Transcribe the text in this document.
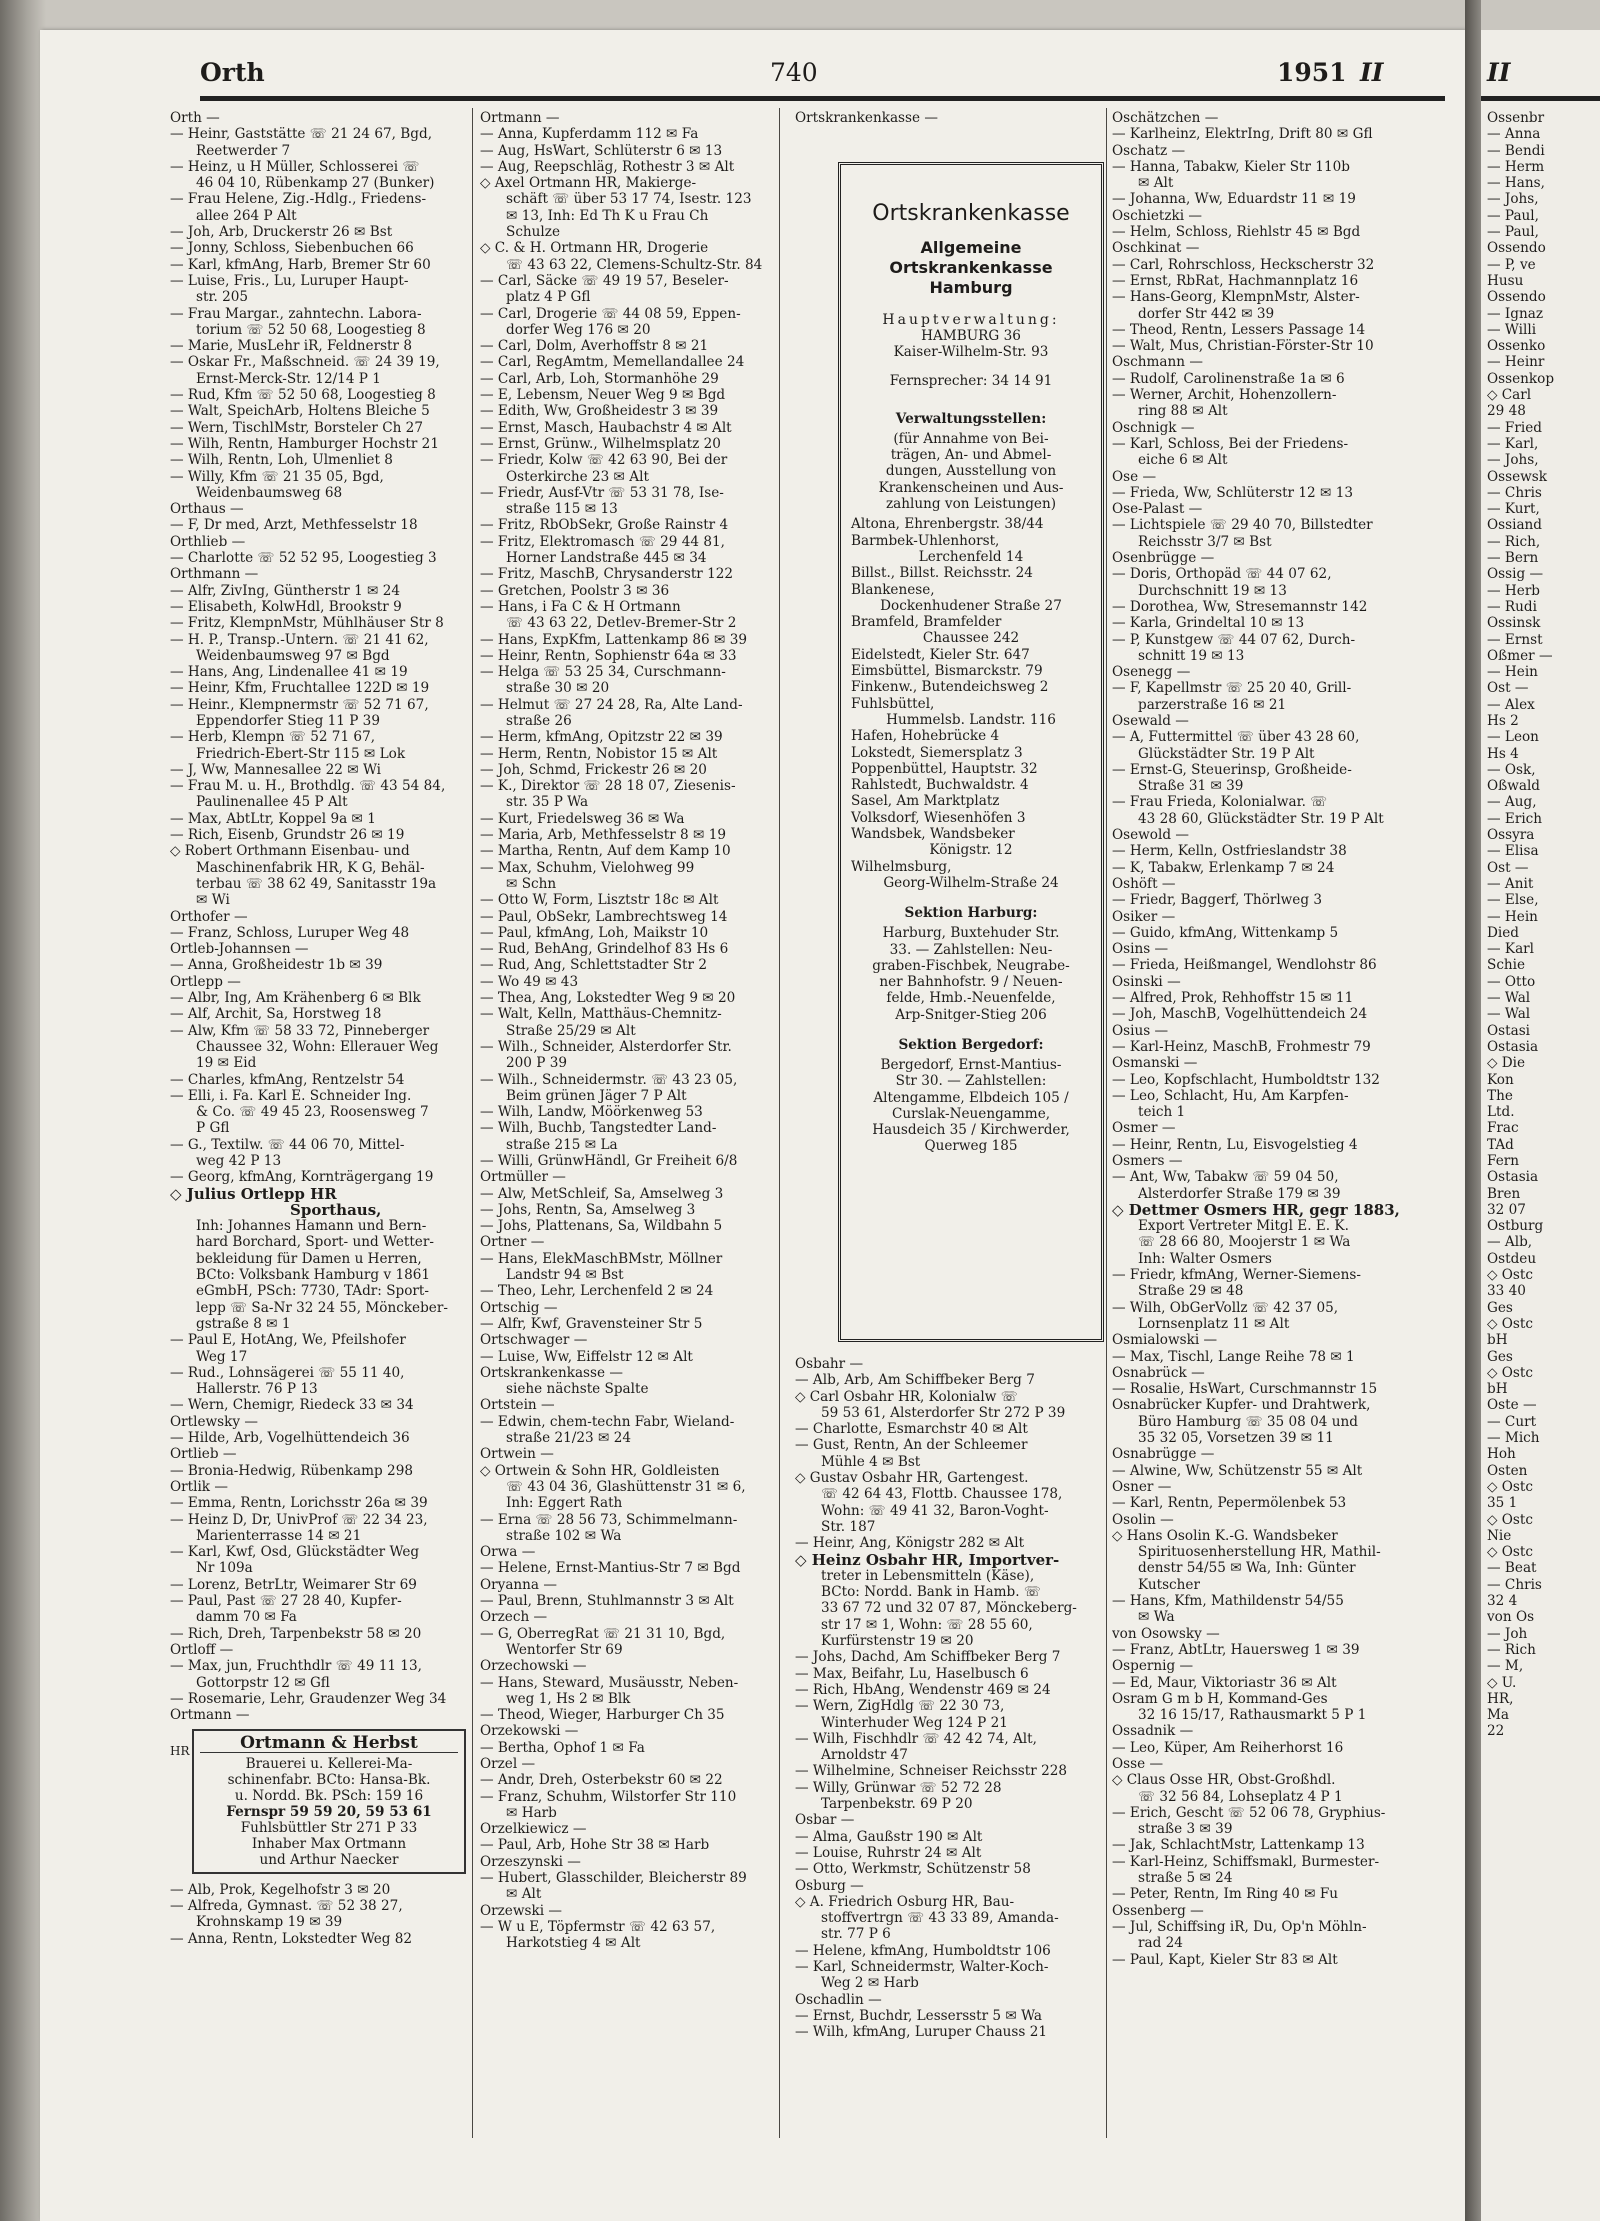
Orth	740	1951 II
Orth —
— Heinr, Gaststätte ☏ 21 24 67, Bgd,
Reetwerder 7
— Heinz, u H Müller, Schlosserei ☏
46 04 10, Rübenkamp 27 (Bunker)
— Frau Helene, Zig.-Hdlg., Friedens-
allee 264 P Alt
— Joh, Arb, Druckerstr 26 ✉ Bst
— Jonny, Schloss, Siebenbuchen 66
— Karl, kfmAng, Harb, Bremer Str 60
— Luise, Fris., Lu, Luruper Haupt-
str. 205
— Frau Margar., zahntechn. Labora-
torium ☏ 52 50 68, Loogestieg 8
— Marie, MusLehr iR, Feldnerstr 8
— Oskar Fr., Maßschneid. ☏ 24 39 19,
Ernst-Merck-Str. 12/14 P 1
— Rud, Kfm ☏ 52 50 68, Loogestieg 8
— Walt, SpeichArb, Holtens Bleiche 5
— Wern, TischlMstr, Borsteler Ch 27
— Wilh, Rentn, Hamburger Hochstr 21
— Wilh, Rentn, Loh, Ulmenliet 8
— Willy, Kfm ☏ 21 35 05, Bgd,
Weidenbaumsweg 68
Orthaus —
— F, Dr med, Arzt, Methfesselstr 18
Orthlieb —
— Charlotte ☏ 52 52 95, Loogestieg 3
Orthmann —
— Alfr, ZivIng, Güntherstr 1 ✉ 24
— Elisabeth, KolwHdl, Brookstr 9
— Fritz, KlempnMstr, Mühlhäuser Str 8
— H. P., Transp.-Untern. ☏ 21 41 62,
Weidenbaumsweg 97 ✉ Bgd
— Hans, Ang, Lindenallee 41 ✉ 19
— Heinr, Kfm, Fruchtallee 122D ✉ 19
— Heinr., Klempnermstr ☏ 52 71 67,
Eppendorfer Stieg 11 P 39
— Herb, Klempn ☏ 52 71 67,
Friedrich-Ebert-Str 115 ✉ Lok
— J, Ww, Mannesallee 22 ✉ Wi
— Frau M. u. H., Brothdlg. ☏ 43 54 84,
Paulinenallee 45 P Alt
— Max, AbtLtr, Koppel 9a ✉ 1
— Rich, Eisenb, Grundstr 26 ✉ 19
◇ Robert Orthmann Eisenbau- und
Maschinenfabrik HR, K G, Behäl-
terbau ☏ 38 62 49, Sanitasstr 19a
✉ Wi
Orthofer —
— Franz, Schloss, Luruper Weg 48
Ortleb-Johannsen —
— Anna, Großheidestr 1b ✉ 39
Ortlepp —
— Albr, Ing, Am Krähenberg 6 ✉ Blk
— Alf, Archit, Sa, Horstweg 18
— Alw, Kfm ☏ 58 33 72, Pinneberger
Chaussee 32, Wohn: Ellerauer Weg
19 ✉ Eid
— Charles, kfmAng, Rentzelstr 54
— Elli, i. Fa. Karl E. Schneider Ing.
& Co. ☏ 49 45 23, Roosensweg 7
P Gfl
— G., Textilw. ☏ 44 06 70, Mittel-
weg 42 P 13
— Georg, kfmAng, Kornträgergang 19
◇ Julius Ortlepp HR
Sporthaus,
Inh: Johannes Hamann und Bern-
hard Borchard, Sport- und Wetter-
bekleidung für Damen u Herren,
BCto: Volksbank Hamburg v 1861
eGmbH, PSch: 7730, TAdr: Sport-
lepp ☏ Sa-Nr 32 24 55, Mönckeber-
gstraße 8 ✉ 1
— Paul E, HotAng, We, Pfeilshofer
Weg 17
— Rud., Lohnsägerei ☏ 55 11 40,
Hallerstr. 76 P 13
— Wern, Chemigr, Riedeck 33 ✉ 34
Ortlewsky —
— Hilde, Arb, Vogelhüttendeich 36
Ortlieb —
— Bronia-Hedwig, Rübenkamp 298
Ortlik —
— Emma, Rentn, Lorichsstr 26a ✉ 39
— Heinz D, Dr, UnivProf ☏ 22 34 23,
Marienterrasse 14 ✉ 21
— Karl, Kwf, Osd, Glückstädter Weg
Nr 109a
— Lorenz, BetrLtr, Weimarer Str 69
— Paul, Past ☏ 27 28 40, Kupfer-
damm 70 ✉ Fa
— Rich, Dreh, Tarpenbekstr 58 ✉ 20
Ortloff —
— Max, jun, Fruchthdlr ☏ 49 11 13,
Gottorpstr 12 ✉ Gfl
— Rosemarie, Lehr, Graudenzer Weg 34
Ortmann —
HR	Ortmann & Herbst
Brauerei u. Kellerei-Ma-
schinenfabr. BCto: Hansa-Bk.
u. Nordd. Bk. PSch: 159 16
Fernspr 59 59 20, 59 53 61
Fuhlsbüttler Str 271 P 33
Inhaber Max Ortmann
und Arthur Naecker
— Alb, Prok, Kegelhofstr 3 ✉ 20
— Alfreda, Gymnast. ☏ 52 38 27,
Krohnskamp 19 ✉ 39
— Anna, Rentn, Lokstedter Weg 82
Ortmann —
— Anna, Kupferdamm 112 ✉ Fa
— Aug, HsWart, Schlüterstr 6 ✉ 13
— Aug, Reepschläg, Rothestr 3 ✉ Alt
◇ Axel Ortmann HR, Makierge-
schäft ☏ über 53 17 74, Isestr. 123
✉ 13, Inh: Ed Th K u Frau Ch
Schulze
◇ C. & H. Ortmann HR, Drogerie
☏ 43 63 22, Clemens-Schultz-Str. 84
— Carl, Säcke ☏ 49 19 57, Beseler-
platz 4 P Gfl
— Carl, Drogerie ☏ 44 08 59, Eppen-
dorfer Weg 176 ✉ 20
— Carl, Dolm, Averhoffstr 8 ✉ 21
— Carl, RegAmtm, Memellandallee 24
— Carl, Arb, Loh, Stormanhöhe 29
— E, Lebensm, Neuer Weg 9 ✉ Bgd
— Edith, Ww, Großheidestr 3 ✉ 39
— Ernst, Masch, Haubachstr 4 ✉ Alt
— Ernst, Grünw., Wilhelmsplatz 20
— Friedr, Kolw ☏ 42 63 90, Bei der
Osterkirche 23 ✉ Alt
— Friedr, Ausf-Vtr ☏ 53 31 78, Ise-
straße 115 ✉ 13
— Fritz, RbObSekr, Große Rainstr 4
— Fritz, Elektromasch ☏ 29 44 81,
Horner Landstraße 445 ✉ 34
— Fritz, MaschB, Chrysanderstr 122
— Gretchen, Poolstr 3 ✉ 36
— Hans, i Fa C & H Ortmann
☏ 43 63 22, Detlev-Bremer-Str 2
— Hans, ExpKfm, Lattenkamp 86 ✉ 39
— Heinr, Rentn, Sophienstr 64a ✉ 33
— Helga ☏ 53 25 34, Curschmann-
straße 30 ✉ 20
— Helmut ☏ 27 24 28, Ra, Alte Land-
straße 26
— Herm, kfmAng, Opitzstr 22 ✉ 39
— Herm, Rentn, Nobistor 15 ✉ Alt
— Joh, Schmd, Frickestr 26 ✉ 20
— K., Direktor ☏ 28 18 07, Ziesenis-
str. 35 P Wa
— Kurt, Friedelsweg 36 ✉ Wa
— Maria, Arb, Methfesselstr 8 ✉ 19
— Martha, Rentn, Auf dem Kamp 10
— Max, Schuhm, Vielohweg 99
✉ Schn
— Otto W, Form, Lisztstr 18c ✉ Alt
— Paul, ObSekr, Lambrechtsweg 14
— Paul, kfmAng, Loh, Maikstr 10
— Rud, BehAng, Grindelhof 83 Hs 6
— Rud, Ang, Schlettstadter Str 2
— Wo 49 ✉ 43
— Thea, Ang, Lokstedter Weg 9 ✉ 20
— Walt, Kelln, Matthäus-Chemnitz-
Straße 25/29 ✉ Alt
— Wilh., Schneider, Alsterdorfer Str.
200 P 39
— Wilh., Schneidermstr. ☏ 43 23 05,
Beim grünen Jäger 7 P Alt
— Wilh, Landw, Möörkenweg 53
— Wilh, Buchb, Tangstedter Land-
straße 215 ✉ La
— Willi, GrünwHändl, Gr Freiheit 6/8
Ortmüller —
— Alw, MetSchleif, Sa, Amselweg 3
— Johs, Rentn, Sa, Amselweg 3
— Johs, Plattenans, Sa, Wildbahn 5
Ortner —
— Hans, ElekMaschBMstr, Möllner
Landstr 94 ✉ Bst
— Theo, Lehr, Lerchenfeld 2 ✉ 24
Ortschig —
— Alfr, Kwf, Gravensteiner Str 5
Ortschwager —
— Luise, Ww, Eiffelstr 12 ✉ Alt
Ortskrankenkasse —
siehe nächste Spalte
Ortstein —
— Edwin, chem-techn Fabr, Wieland-
straße 21/23 ✉ 24
Ortwein —
◇ Ortwein & Sohn HR, Goldleisten
☏ 43 04 36, Glashüttenstr 31 ✉ 6,
Inh: Eggert Rath
— Erna ☏ 28 56 73, Schimmelmann-
straße 102 ✉ Wa
Orwa —
— Helene, Ernst-Mantius-Str 7 ✉ Bgd
Oryanna —
— Paul, Brenn, Stuhlmannstr 3 ✉ Alt
Orzech —
— G, OberregRat ☏ 21 31 10, Bgd,
Wentorfer Str 69
Orzechowski —
— Hans, Steward, Musäusstr, Neben-
weg 1, Hs 2 ✉ Blk
— Theod, Wieger, Harburger Ch 35
Orzekowski —
— Bertha, Ophof 1 ✉ Fa
Orzel —
— Andr, Dreh, Osterbekstr 60 ✉ 22
— Franz, Schuhm, Wilstorfer Str 110
✉ Harb
Orzelkiewicz —
— Paul, Arb, Hohe Str 38 ✉ Harb
Orzeszynski —
— Hubert, Glasschilder, Bleicherstr 89
✉ Alt
Orzewski —
— W u E, Töpfermstr ☏ 42 63 57,
Harkotstieg 4 ✉ Alt
Ortskrankenkasse —
Ortskrankenkasse
Allgemeine
Ortskrankenkasse
Hamburg
Hauptverwaltung:
HAMBURG 36
Kaiser-Wilhelm-Str. 93
Fernsprecher: 34 14 91
Verwaltungsstellen:
(für Annahme von Bei-
trägen, An- und Abmel-
dungen, Ausstellung von
Krankenscheinen und Aus-
zahlung von Leistungen)
Altona, Ehrenbergstr. 38/44
Barmbek-Uhlenhorst,
Lerchenfeld 14
Billst., Billst. Reichsstr. 24
Blankenese,
Dockenhudener Straße 27
Bramfeld, Bramfelder
Chaussee 242
Eidelstedt, Kieler Str. 647
Eimsbüttel, Bismarckstr. 79
Finkenw., Butendeichsweg 2
Fuhlsbüttel,
Hummelsb. Landstr. 116
Hafen, Hohebrücke 4
Lokstedt, Siemersplatz 3
Poppenbüttel, Hauptstr. 32
Rahlstedt, Buchwaldstr. 4
Sasel, Am Marktplatz
Volksdorf, Wiesenhöfen 3
Wandsbek, Wandsbeker
Königstr. 12
Wilhelmsburg,
Georg-Wilhelm-Straße 24
Sektion Harburg:
Harburg, Buxtehuder Str.
33. — Zahlstellen: Neu-
graben-Fischbek, Neugrabe-
ner Bahnhofstr. 9 / Neuen-
felde, Hmb.-Neuenfelde,
Arp-Snitger-Stieg 206
Sektion Bergedorf:
Bergedorf, Ernst-Mantius-
Str 30. — Zahlstellen:
Altengamme, Elbdeich 105 /
Curslak-Neuengamme,
Hausdeich 35 / Kirchwerder,
Querweg 185
Osbahr —
— Alb, Arb, Am Schiffbeker Berg 7
◇ Carl Osbahr HR, Kolonialw ☏
59 53 61, Alsterdorfer Str 272 P 39
— Charlotte, Esmarchstr 40 ✉ Alt
— Gust, Rentn, An der Schleemer
Mühle 4 ✉ Bst
◇ Gustav Osbahr HR, Gartengest.
☏ 42 64 43, Flottb. Chaussee 178,
Wohn: ☏ 49 41 32, Baron-Voght-
Str. 187
— Heinr, Ang, Königstr 282 ✉ Alt
◇ Heinz Osbahr HR, Importver-
treter in Lebensmitteln (Käse),
BCto: Nordd. Bank in Hamb. ☏
33 67 72 und 32 07 87, Mönckeberg-
str 17 ✉ 1, Wohn: ☏ 28 55 60,
Kurfürstenstr 19 ✉ 20
— Johs, Dachd, Am Schiffbeker Berg 7
— Max, Beifahr, Lu, Haselbusch 6
— Rich, HbAng, Wendenstr 469 ✉ 24
— Wern, ZigHdlg ☏ 22 30 73,
Winterhuder Weg 124 P 21
— Wilh, Fischhdlr ☏ 42 42 74, Alt,
Arnoldstr 47
— Wilhelmine, Schneiser Reichsstr 228
— Willy, Grünwar ☏ 52 72 28
Tarpenbekstr. 69 P 20
Osbar —
— Alma, Gaußstr 190 ✉ Alt
— Louise, Ruhrstr 24 ✉ Alt
— Otto, Werkmstr, Schützenstr 58
Osburg —
◇ A. Friedrich Osburg HR, Bau-
stoffvertrgn ☏ 43 33 89, Amanda-
str. 77 P 6
— Helene, kfmAng, Humboldtstr 106
— Karl, Schneidermstr, Walter-Koch-
Weg 2 ✉ Harb
Oschadlin —
— Ernst, Buchdr, Lessersstr 5 ✉ Wa
— Wilh, kfmAng, Luruper Chauss 21
Oschätzchen —
— Karlheinz, ElektrIng, Drift 80 ✉ Gfl
Oschatz —
— Hanna, Tabakw, Kieler Str 110b
✉ Alt
— Johanna, Ww, Eduardstr 11 ✉ 19
Oschietzki —
— Helm, Schloss, Riehlstr 45 ✉ Bgd
Oschkinat —
— Carl, Rohrschloss, Heckscherstr 32
— Ernst, RbRat, Hachmannplatz 16
— Hans-Georg, KlempnMstr, Alster-
dorfer Str 442 ✉ 39
— Theod, Rentn, Lessers Passage 14
— Walt, Mus, Christian-Förster-Str 10
Oschmann —
— Rudolf, Carolinenstraße 1a ✉ 6
— Werner, Archit, Hohenzollern-
ring 88 ✉ Alt
Oschnigk —
— Karl, Schloss, Bei der Friedens-
eiche 6 ✉ Alt
Ose —
— Frieda, Ww, Schlüterstr 12 ✉ 13
Ose-Palast —
— Lichtspiele ☏ 29 40 70, Billstedter
Reichsstr 3/7 ✉ Bst
Osenbrügge —
— Doris, Orthopäd ☏ 44 07 62,
Durchschnitt 19 ✉ 13
— Dorothea, Ww, Stresemannstr 142
— Karla, Grindeltal 10 ✉ 13
— P, Kunstgew ☏ 44 07 62, Durch-
schnitt 19 ✉ 13
Osenegg —
— F, Kapellmstr ☏ 25 20 40, Grill-
parzerstraße 16 ✉ 21
Osewald —
— A, Futtermittel ☏ über 43 28 60,
Glückstädter Str. 19 P Alt
— Ernst-G, Steuerinsp, Großheide-
Straße 31 ✉ 39
— Frau Frieda, Kolonialwar. ☏
43 28 60, Glückstädter Str. 19 P Alt
Osewold —
— Herm, Kelln, Ostfrieslandstr 38
— K, Tabakw, Erlenkamp 7 ✉ 24
Oshöft —
— Friedr, Baggerf, Thörlweg 3
Osiker —
— Guido, kfmAng, Wittenkamp 5
Osins —
— Frieda, Heißmangel, Wendlohstr 86
Osinski —
— Alfred, Prok, Rehhoffstr 15 ✉ 11
— Joh, MaschB, Vogelhüttendeich 24
Osius —
— Karl-Heinz, MaschB, Frohmestr 79
Osmanski —
— Leo, Kopfschlacht, Humboldtstr 132
— Leo, Schlacht, Hu, Am Karpfen-
teich 1
Osmer —
— Heinr, Rentn, Lu, Eisvogelstieg 4
Osmers —
— Ant, Ww, Tabakw ☏ 59 04 50,
Alsterdorfer Straße 179 ✉ 39
◇ Dettmer Osmers HR, gegr 1883,
Export Vertreter Mitgl E. E. K.
☏ 28 66 80, Moojerstr 1 ✉ Wa
Inh: Walter Osmers
— Friedr, kfmAng, Werner-Siemens-
Straße 29 ✉ 48
— Wilh, ObGerVollz ☏ 42 37 05,
Lornsenplatz 11 ✉ Alt
Osmialowski —
— Max, Tischl, Lange Reihe 78 ✉ 1
Osnabrück —
— Rosalie, HsWart, Curschmannstr 15
Osnabrücker Kupfer- und Drahtwerk,
Büro Hamburg ☏ 35 08 04 und
35 32 05, Vorsetzen 39 ✉ 11
Osnabrügge —
— Alwine, Ww, Schützenstr 55 ✉ Alt
Osner —
— Karl, Rentn, Pepermölenbek 53
Osolin —
◇ Hans Osolin K.-G. Wandsbeker
Spirituosenherstellung HR, Mathil-
denstr 54/55 ✉ Wa, Inh: Günter
Kutscher
— Hans, Kfm, Mathildenstr 54/55
✉ Wa
von Osowsky —
— Franz, AbtLtr, Hauersweg 1 ✉ 39
Ospernig —
— Ed, Maur, Viktoriastr 36 ✉ Alt
Osram G m b H, Kommand-Ges
32 16 15/17, Rathausmarkt 5 P 1
Ossadnik —
— Leo, Küper, Am Reiherhorst 16
Osse —
◇ Claus Osse HR, Obst-Großhdl.
☏ 32 56 84, Lohseplatz 4 P 1
— Erich, Gescht ☏ 52 06 78, Gryphius-
straße 3 ✉ 39
— Jak, SchlachtMstr, Lattenkamp 13
— Karl-Heinz, Schiffsmakl, Burmester-
straße 5 ✉ 24
— Peter, Rentn, Im Ring 40 ✉ Fu
Ossenberg —
— Jul, Schiffsing iR, Du, Op'n Möhln-
rad 24
— Paul, Kapt, Kieler Str 83 ✉ Alt
II
Ossenbr
— Anna
— Bendi
— Herm
— Hans,
— Johs,
— Paul,
— Paul,
Ossendo
— P, ve
Husu
Ossendo
— Ignaz
— Willi
Ossenko
— Heinr
Ossenkop
◇ Carl
29 48
— Fried
— Karl,
— Johs,
Ossewsk
— Chris
— Kurt,
Ossiand
— Rich,
— Bern
Ossig —
— Herb
— Rudi
Ossinsk
— Ernst
Oßmer —
— Hein
Ost —
— Alex
Hs 2
— Leon
Hs 4
— Osk,
Oßwald
— Aug,
— Erich
Ossyra
— Elisa
Ost —
— Anit
— Else,
— Hein
Died
— Karl
Schie
— Otto
— Wal
— Wal
Ostasi
Ostasia
◇ Die
Kon
The
Ltd.
Frac
TAd
Fern
Ostasia
Bren
32 07
Ostburg
— Alb,
Ostdeu
◇ Ostc
33 40
Ges
◇ Ostc
bH
Ges
◇ Ostc
bH
Oste —
— Curt
— Mich
Hoh
Osten
◇ Ostc
35 1
◇ Ostc
Nie
◇ Ostc
— Beat
— Chris
32 4
von Os
— Joh
— Rich
— M,
◇ U.
HR,
Ma
22
